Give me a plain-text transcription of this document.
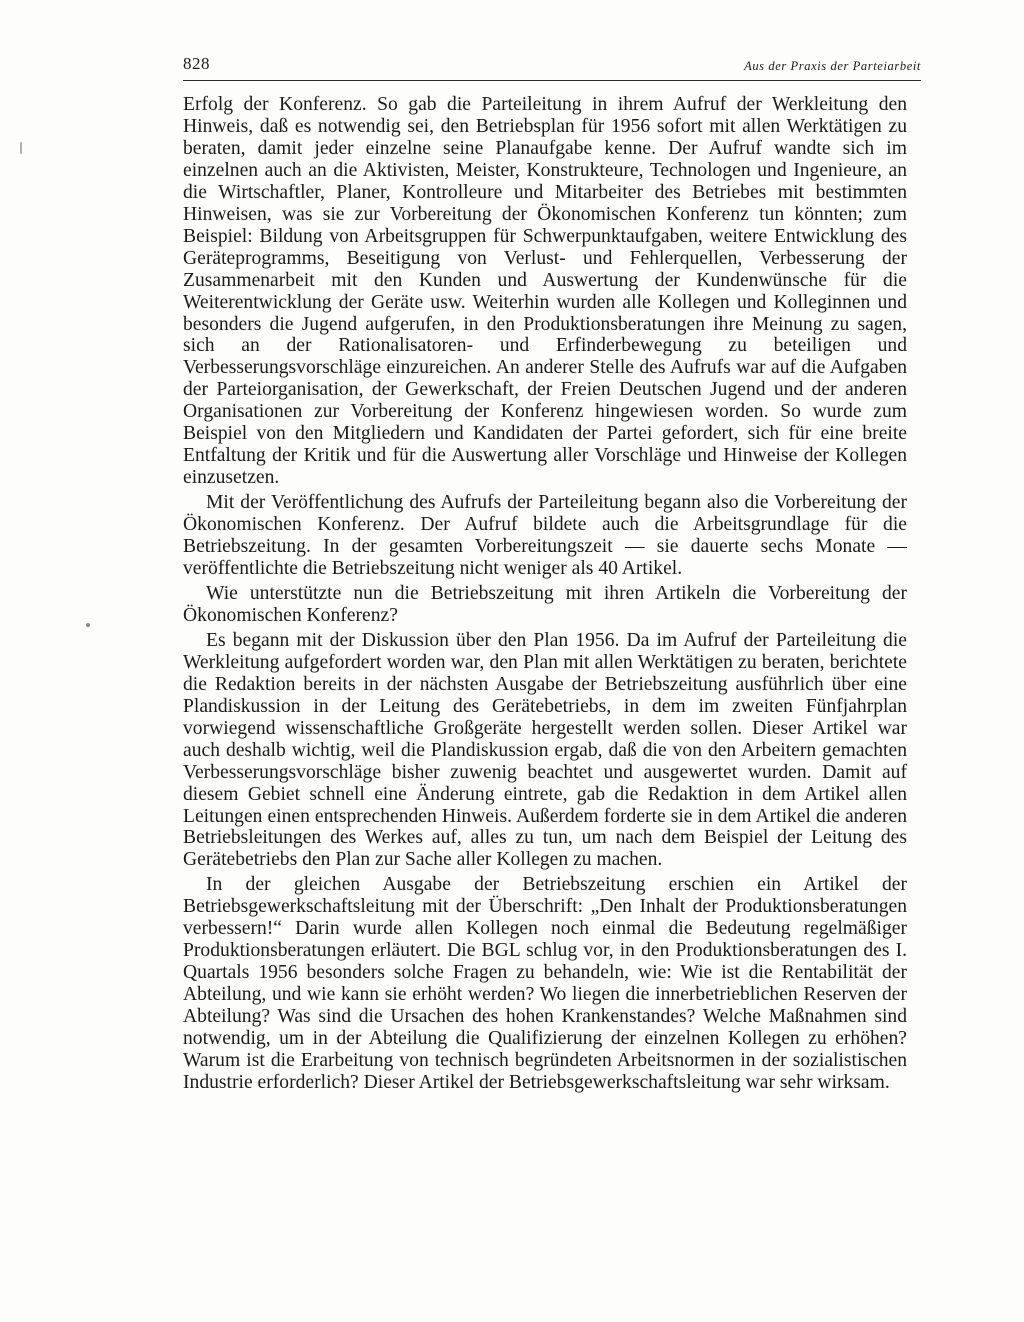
828	Aus der Praxis der Parteiarbeit

Erfolg der Konferenz. So gab die Parteileitung in ihrem Aufruf der Werkleitung den Hinweis, daß es notwendig sei, den Betriebsplan für 1956 sofort mit allen Werktätigen zu beraten, damit jeder einzelne seine Planaufgabe kenne. Der Aufruf wandte sich im einzelnen auch an die Aktivisten, Meister, Konstrukteure, Technologen und Ingenieure, an die Wirtschaftler, Planer, Kontrolleure und Mitarbeiter des Betriebes mit bestimmten Hinweisen, was sie zur Vorbereitung der Ökonomischen Konferenz tun könnten; zum Beispiel: Bildung von Arbeitsgruppen für Schwerpunktaufgaben, weitere Entwicklung des Geräteprogramms, Beseitigung von Verlust- und Fehlerquellen, Verbesserung der Zusammenarbeit mit den Kunden und Auswertung der Kundenwünsche für die Weiterentwicklung der Geräte usw. Weiterhin wurden alle Kollegen und Kolleginnen und besonders die Jugend aufgerufen, in den Produktionsberatungen ihre Meinung zu sagen, sich an der Rationalisatoren- und Erfinderbewegung zu beteiligen und Verbesserungsvorschläge einzureichen. An anderer Stelle des Aufrufs war auf die Aufgaben der Parteiorganisation, der Gewerkschaft, der Freien Deutschen Jugend und der anderen Organisationen zur Vorbereitung der Konferenz hingewiesen worden. So wurde zum Beispiel von den Mitgliedern und Kandidaten der Partei gefordert, sich für eine breite Entfaltung der Kritik und für die Auswertung aller Vorschläge und Hinweise der Kollegen einzusetzen.

Mit der Veröffentlichung des Aufrufs der Parteileitung begann also die Vorbereitung der Ökonomischen Konferenz. Der Aufruf bildete auch die Arbeitsgrundlage für die Betriebszeitung. In der gesamten Vorbereitungszeit — sie dauerte sechs Monate — veröffentlichte die Betriebszeitung nicht weniger als 40 Artikel.

Wie unterstützte nun die Betriebszeitung mit ihren Artikeln die Vorbereitung der Ökonomischen Konferenz?

Es begann mit der Diskussion über den Plan 1956. Da im Aufruf der Parteileitung die Werkleitung aufgefordert worden war, den Plan mit allen Werktätigen zu beraten, berichtete die Redaktion bereits in der nächsten Ausgabe der Betriebszeitung ausführlich über eine Plandiskussion in der Leitung des Gerätebetriebs, in dem im zweiten Fünfjahrplan vorwiegend wissenschaftliche Großgeräte hergestellt werden sollen. Dieser Artikel war auch deshalb wichtig, weil die Plandiskussion ergab, daß die von den Arbeitern gemachten Verbesserungsvorschläge bisher zuwenig beachtet und ausgewertet wurden. Damit auf diesem Gebiet schnell eine Änderung eintrete, gab die Redaktion in dem Artikel allen Leitungen einen entsprechenden Hinweis. Außerdem forderte sie in dem Artikel die anderen Betriebsleitungen des Werkes auf, alles zu tun, um nach dem Beispiel der Leitung des Gerätebetriebs den Plan zur Sache aller Kollegen zu machen.

In der gleichen Ausgabe der Betriebszeitung erschien ein Artikel der Betriebsgewerkschaftsleitung mit der Überschrift: „Den Inhalt der Produktionsberatungen verbessern!“ Darin wurde allen Kollegen noch einmal die Bedeutung regelmäßiger Produktionsberatungen erläutert. Die BGL schlug vor, in den Produktionsberatungen des I. Quartals 1956 besonders solche Fragen zu behandeln, wie: Wie ist die Rentabilität der Abteilung, und wie kann sie erhöht werden? Wo liegen die innerbetrieblichen Reserven der Abteilung? Was sind die Ursachen des hohen Krankenstandes? Welche Maßnahmen sind notwendig, um in der Abteilung die Qualifizierung der einzelnen Kollegen zu erhöhen? Warum ist die Erarbeitung von technisch begründeten Arbeitsnormen in der sozialistischen Industrie erforderlich? Dieser Artikel der Betriebsgewerkschaftsleitung war sehr wirksam.
